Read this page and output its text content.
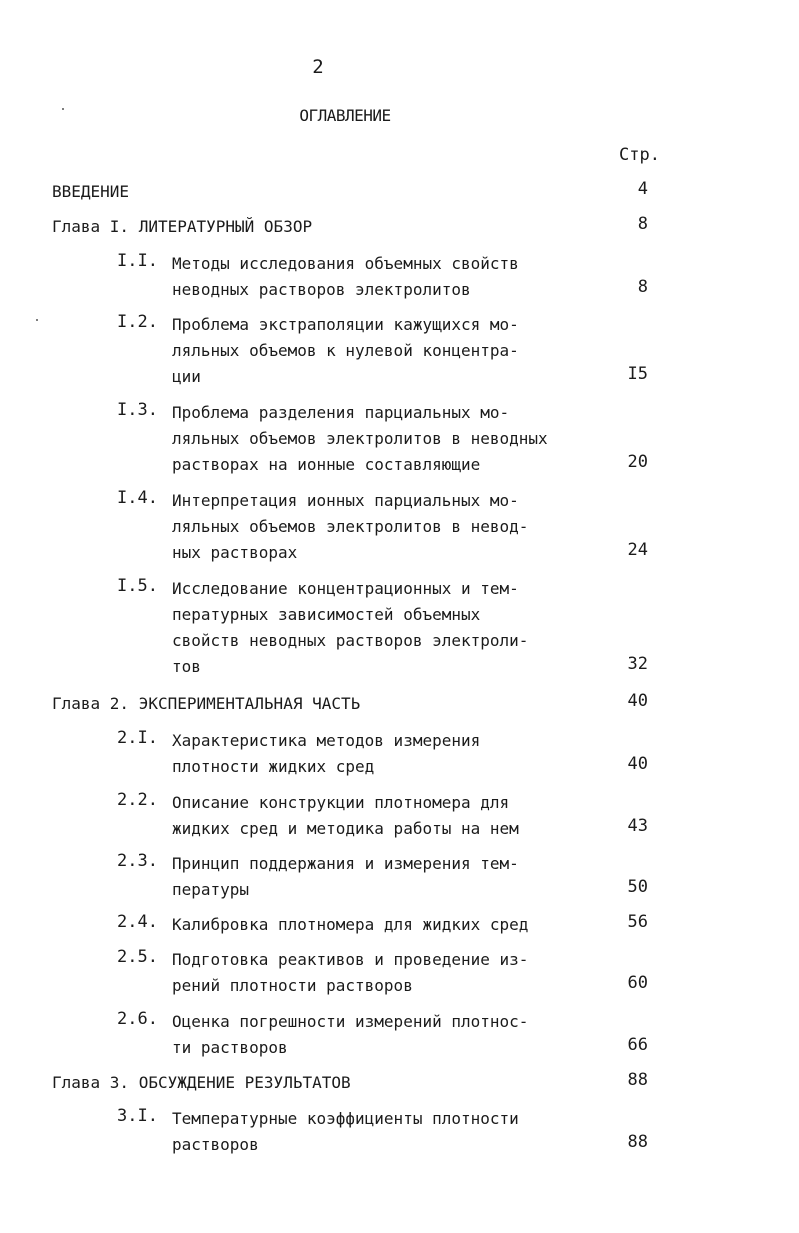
2
ОГЛАВЛЕНИЕ
Стр.
ВВЕДЕНИЕ	4
Глава I. ЛИТЕРАТУРНЫЙ ОБЗОР	8
I.I. Методы исследования объемных свойств
неводных растворов электролитов	8
I.2. Проблема экстраполяции кажущихся мо-
ляльных объемов к нулевой концентра-
ции	I5
I.3. Проблема разделения парциальных мо-
ляльных объемов электролитов в неводных
растворах на ионные составляющие	20
I.4. Интерпретация ионных парциальных мо-
ляльных объемов электролитов в невод-
ных растворах	24
I.5. Исследование концентрационных и тем-
пературных зависимостей объемных
свойств неводных растворов электроли-
тов	32
Глава 2. ЭКСПЕРИМЕНТАЛЬНАЯ ЧАСТЬ	40
2.I. Характеристика методов измерения
плотности жидких сред	40
2.2. Описание конструкции плотномера для
жидких сред и методика работы на нем	43
2.3. Принцип поддержания и измерения тем-
пературы	50
2.4. Калибровка плотномера для жидких сред	56
2.5. Подготовка реактивов и проведение из-
рений плотности растворов	60
2.6. Оценка погрешности измерений плотнос-
ти растворов	66
Глава 3. ОБСУЖДЕНИЕ РЕЗУЛЬТАТОВ	88
3.I. Температурные коэффициенты плотности
растворов	88
